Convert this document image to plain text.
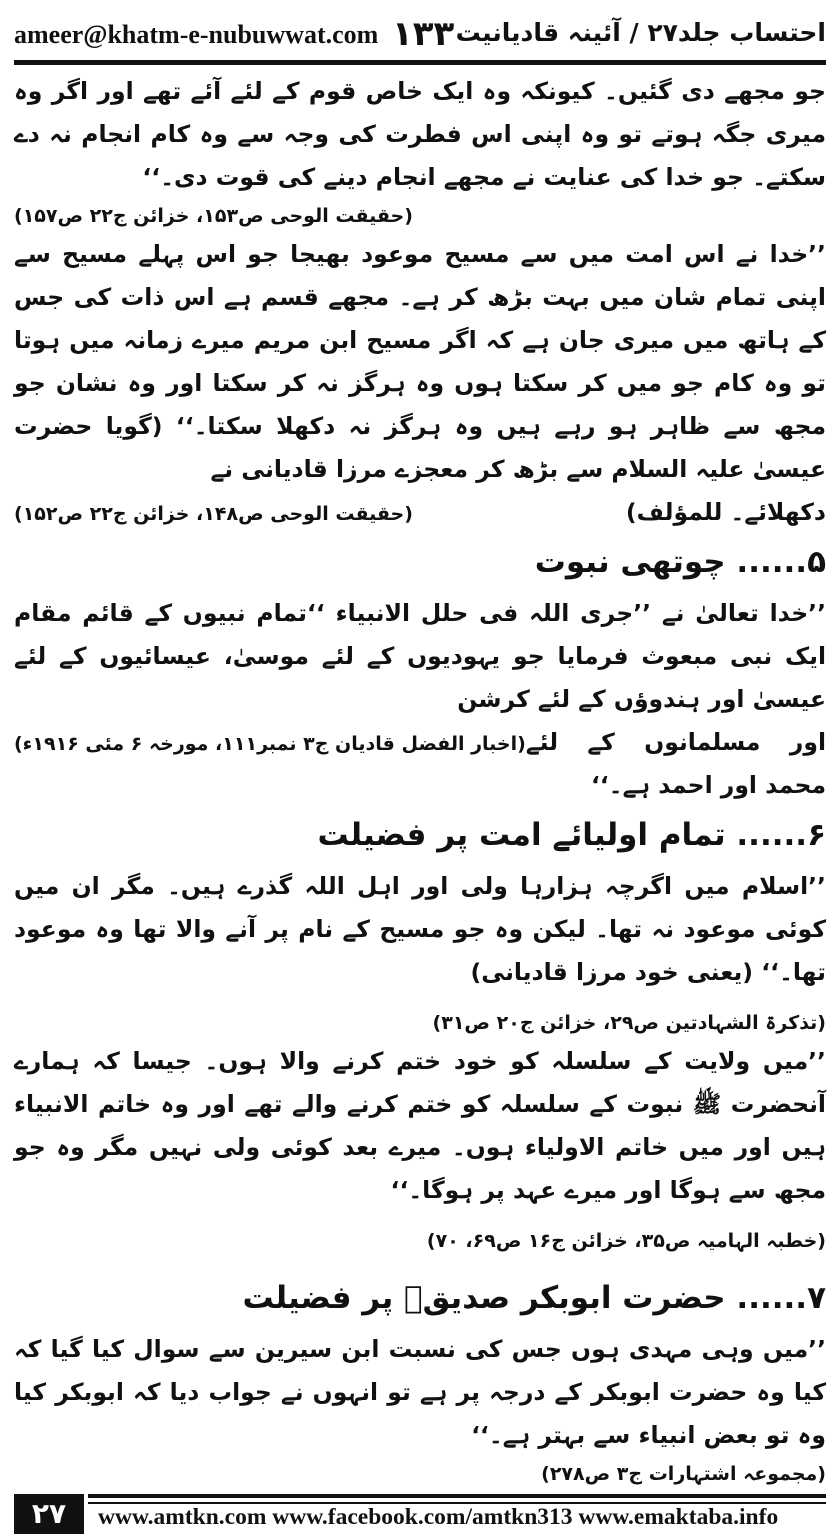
ameer@khatm-e-nubuwwat.com ۱۳۳ احتساب جلد۲۷ / آئینہ قادیانیت

جو مجھے دی گئیں۔ کیونکہ وہ ایک خاص قوم کے لئے آئے تھے اور اگر وہ میری جگہ ہوتے تو وہ اپنی اس فطرت کی وجہ سے وہ کام انجام نہ دے سکتے۔ جو خدا کی عنایت نے مجھے انجام دینے کی قوت دی۔‘‘

(حقیقت الوحی ص۱۵۳، خزائن ج۲۲ ص۱۵۷)

’’خدا نے اس امت میں سے مسیح موعود بھیجا جو اس پہلے مسیح سے اپنی تمام شان میں بہت بڑھ کر ہے۔ مجھے قسم ہے اس ذات کی جس کے ہاتھ میں میری جان ہے کہ اگر مسیح ابن مریم میرے زمانہ میں ہوتا تو وہ کام جو میں کر سکتا ہوں وہ ہرگز نہ کر سکتا اور وہ نشان جو مجھ سے ظاہر ہو رہے ہیں وہ ہرگز نہ دکھلا سکتا۔‘‘ (گویا حضرت عیسیٰ علیہ السلام سے بڑھ کر معجزے مرزا قادیانی نے

دکھلائے۔ للمؤلف)
(حقیقت الوحی ص۱۴۸، خزائن ج۲۲ ص۱۵۲)
۵...... چوتھی نبوت

’’خدا تعالیٰ نے ’’جری اللہ فی حلل الانبیاء ‘‘تمام نبیوں کے قائم مقام ایک نبی مبعوث فرمایا جو یہودیوں کے لئے موسیٰ، عیسائیوں کے لئے عیسیٰ اور ہندوؤں کے لئے کرشن

اور مسلمانوں کے لئے محمد اور احمد ہے۔‘‘
(اخبار الفضل قادیان ج۳ نمبر۱۱۱، مورخہ ۶ مئی ۱۹۱۶ء)
۶...... تمام اولیائے امت پر فضیلت

’’اسلام میں اگرچہ ہزارہا ولی اور اہل اللہ گذرے ہیں۔ مگر ان میں کوئی موعود نہ تھا۔ لیکن وہ جو مسیح کے نام پر آنے والا تھا وہ موعود تھا۔‘‘ (یعنی خود مرزا قادیانی)

(تذکرۃ الشہادتین ص۲۹، خزائن ج۲۰ ص۳۱)

’’میں ولایت کے سلسلہ کو خود ختم کرنے والا ہوں۔ جیسا کہ ہمارے آنحضرت ﷺ نبوت کے سلسلہ کو ختم کرنے والے تھے اور وہ خاتم الانبیاء ہیں اور میں خاتم الاولیاء ہوں۔ میرے بعد کوئی ولی نہیں مگر وہ جو مجھ سے ہوگا اور میرے عہد پر ہوگا۔‘‘

(خطبہ الہامیہ ص۳۵، خزائن ج۱۶ ص۶۹، ۷۰)

۷...... حضرت ابوبکر صدیقؓ پر فضیلت

’’میں وہی مہدی ہوں جس کی نسبت ابن سیرین سے سوال کیا گیا کہ کیا وہ حضرت ابوبکر کے درجہ پر ہے تو انہوں نے جواب دیا کہ ابوبکر کیا وہ تو بعض انبیاء سے بہتر ہے۔‘‘

(مجموعہ اشتہارات ج۳ ص۲۷۸)

۲۷	www.amtkn.com www.facebook.com/amtkn313 www.emaktaba.info
